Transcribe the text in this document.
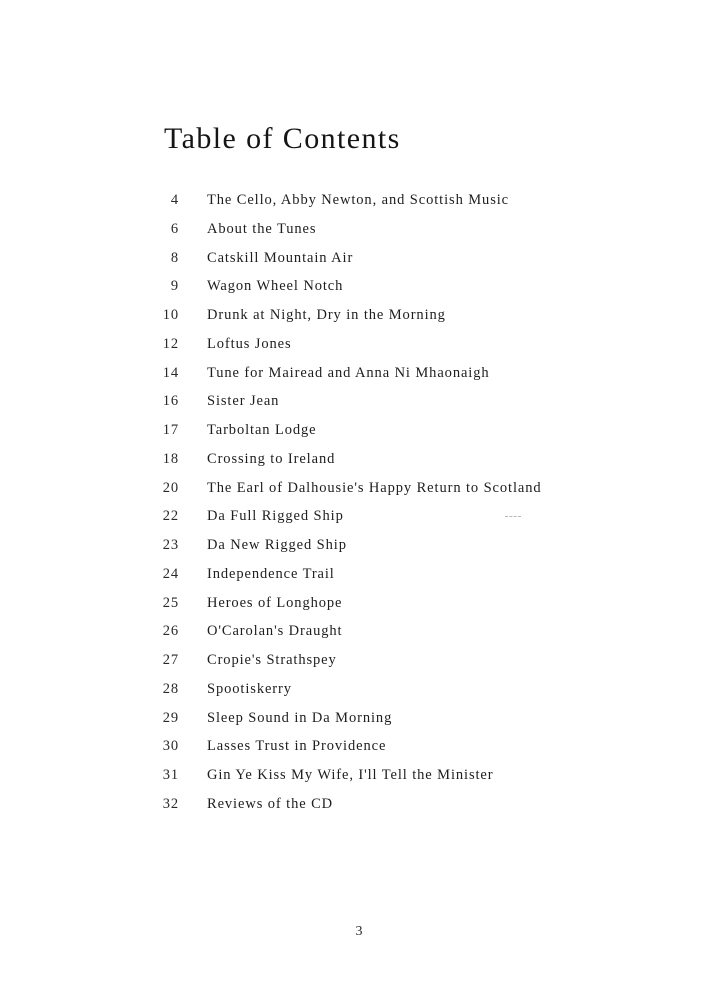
Table of Contents
4 The Cello, Abby Newton, and Scottish Music
6 About the Tunes
8 Catskill Mountain Air
9 Wagon Wheel Notch
10 Drunk at Night, Dry in the Morning
12 Loftus Jones
14 Tune for Mairead and Anna Ni Mhaonaigh
16 Sister Jean
17 Tarboltan Lodge
18 Crossing to Ireland
20 The Earl of Dalhousie's Happy Return to Scotland
22 Da Full Rigged Ship
23 Da New Rigged Ship
24 Independence Trail
25 Heroes of Longhope
26 O'Carolan's Draught
27 Cropie's Strathspey
28 Spootiskerry
29 Sleep Sound in Da Morning
30 Lasses Trust in Providence
31 Gin Ye Kiss My Wife, I'll Tell the Minister
32 Reviews of the CD
3
